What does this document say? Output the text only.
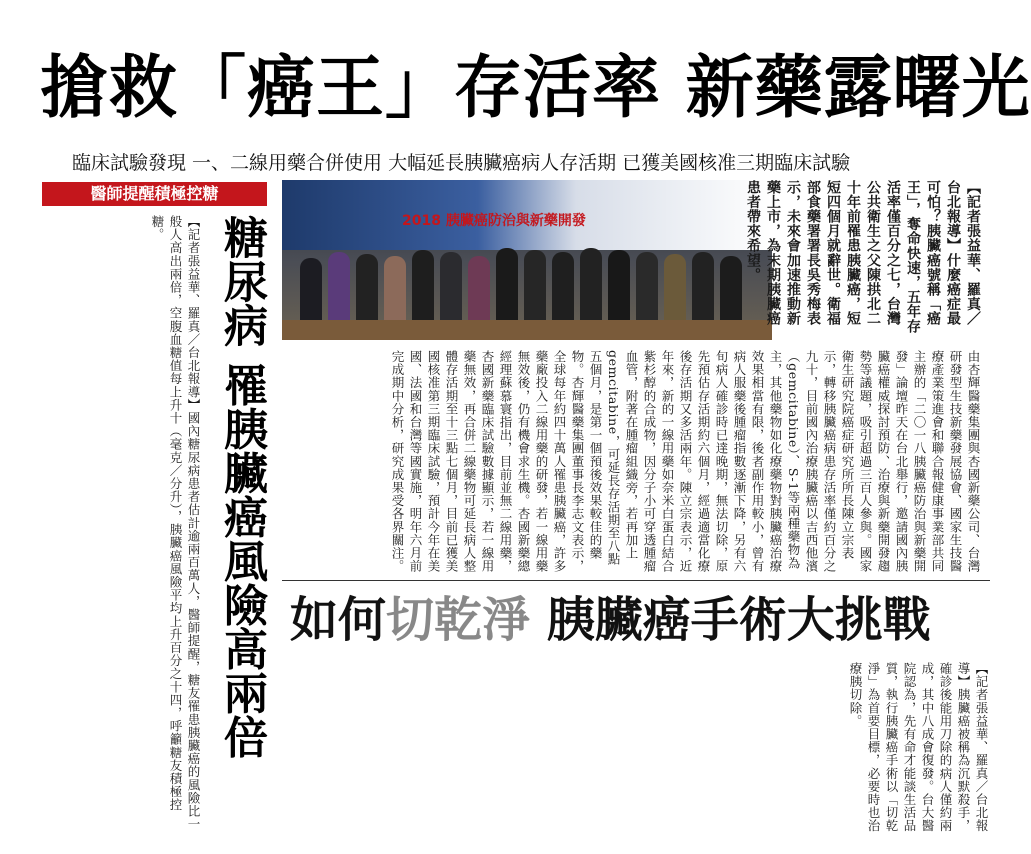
搶救「癌王」存活率 新藥露曙光
臨床試驗發現 一、二線用藥合併使用 大幅延長胰臟癌病人存活期 已獲美國核准三期臨床試驗
醫師提醒積極控糖
2018 胰臟癌防治與新藥開發	【記者張益華、羅真／台北報導】什麼癌症最可怕？胰臟癌號稱「癌王」，奪命快速，五年存活率僅百分之七，台灣公共衛生之父陳拱北二十年前罹患胰臟癌，短短四個月就辭世。衛福部食藥署署長吳秀梅表示，未來會加速推動新藥上市，為末期胰臟癌患者帶來希望。
由杏輝醫藥集團與杏國新藥公司、台灣研發型生技新藥發展協會、國家生技醫療產業策進會和聯合報健康事業部共同主辦的「二〇一八胰臟癌防治與新藥開發」論壇昨天在台北舉行，邀請國內胰臟癌權威探討預防、治療與新藥開發趨勢等議題，吸引超過三百人參與。國家衛生研究院癌症研究所所長陳立宗表示，轉移胰臟癌病患存活率僅約百分之九十，目前國內治療胰臟癌以吉西他濱（gemcitabine）、S-1等兩種藥物為主，其他藥物如化療藥物對胰臟癌治療效果相當有限，後者副作用較小，曾有病人服藥後腫瘤指數逐漸下降，另有六旬病人確診時已達晚期，無法切除，原先預估存活期約六個月，經過適當化療後存活期又多活兩年。陳立宗表示，近年來，新的一線用藥如奈米白蛋白結合紫杉醇的合成物，因分子小可穿透腫瘤血管，附著在腫瘤組織旁，若再加上gemcitabine，可延長存活期至八點五個月，是第一個預後效果較佳的藥物。杏輝醫藥集團董事長李志文表示，全球每年約四十萬人罹患胰臟癌，許多藥廠投入二線用藥的研發，若一線用藥無效後，仍有機會求生機。杏國新藥總經理蘇慕寰指出，目前並無二線用藥，杏國新藥臨床試驗數據顯示，若一線用藥無效，再合併二線藥物可延長病人整體存活期至十三點七個月，目前已獲美國核准第三期臨床試驗，預計今年在美國、法國和台灣等國實施，明年六月前完成期中分析，研究成果受各界關注。
如何切乾淨 胰臟癌手術大挑戰
【記者張益華、羅真／台北報導】胰臟癌被稱為沉默殺手，確診後能用刀除的病人僅約兩成，其中八成會復發。台大醫院認為，先有命才能談生活品質，執行胰臟癌手術以「切乾淨」為首要目標，必要時也治療胰切除。
糖尿病 罹胰臟癌風險高兩倍
【記者張益華、羅真／台北報導】國內糖尿病患者估計逾兩百萬人，醫師提醒，糖友罹患胰臟癌的風險比一般人高出兩倍，空腹血糖值每上升十（毫克／分升），胰臟癌風險平均上升百分之十四，呼籲糖友積極控糖。
